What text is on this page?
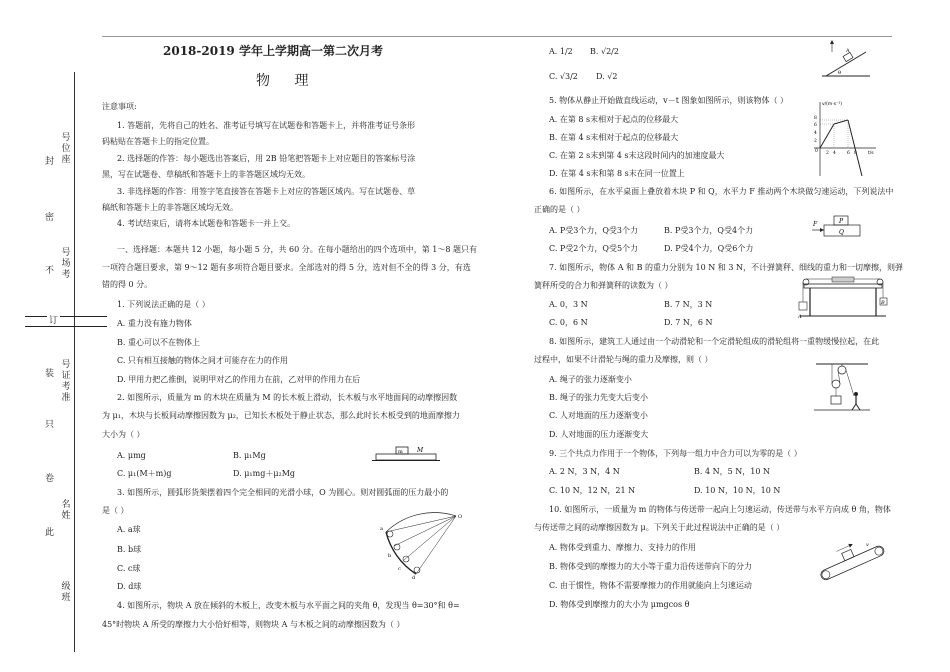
号 位 座
号 场 考
号 证 考 准
名 姓
级 班
封
密
不
订
装
只
卷
此
2018-2019 学年上学期高一第二次月考
物 理
注意事项:
1. 答题前，先将自己的姓名、准考证号填写在试题卷和答题卡上，并将准考证号条形
码粘贴在答题卡上的指定位置。
2. 选择题的作答：每小题选出答案后，用 2B 铅笔把答题卡上对应题目的答案标号涂
黑，写在试题卷、草稿纸和答题卡上的非答题区域均无效。
3. 非选择题的作答：用签字笔直接答在答题卡上对应的答题区域内。写在试题卷、草
稿纸和答题卡上的非答题区域均无效。
4. 考试结束后，请将本试题卷和答题卡一并上交。
一、选择题：本题共 12 小题，每小题 5 分，共 60 分。在每小题给出的四个选项中，第 1～8 题只有
一项符合题目要求，第 9～12 题有多项符合题目要求。全部选对的得 5 分，选对但不全的得 3 分，有选
错的得 0 分。
1. 下列说法正确的是（ ）
A. 重力没有施力物体
B. 重心可以不在物体上
C. 只有相互接触的物体之间才可能存在力的作用
D. 甲用力把乙推倒，说明甲对乙的作用力在前，乙对甲的作用力在后
2. 如图所示，质量为 m 的木块在质量为 M 的长木板上滑动，长木板与水平地面间的动摩擦因数
为 μ₁，木块与长板间动摩擦因数为 μ₂，已知长木板处于静止状态，那么此时长木板受到的地面摩擦力
大小为（ ）
A. μmg	B. μ₁Mg
C. μ₁(M＋m)g	D. μ₁mg＋μ₂Mg
m M
3. 如图所示，圆弧形货架摆着四个完全相同的光滑小球，O 为圆心。则对圆弧面的压力最小的
是（ ）
A. a球
B. b球
C. c球
D. d球
O
a
b
c
d
4. 如图所示，物块 A 放在倾斜的木板上，改变木板与水平面之间的夹角 θ，发现当 θ=30°和 θ=
45°时物块 A 所受的摩擦力大小恰好相等，则物块 A 与木板之间的动摩擦因数为（ ）
A. 1/2 B. √2/2
C. √3/2 D. √2	θ
A
5. 物体从静止开始做直线运动，v－t 图象如图所示，则该物体（ ）
A. 在第 8 s末相对于起点的位移最大
B. 在第 4 s末相对于起点的位移最大
C. 在第 2 s末到第 4 s末这段时间内的加速度最大
D. 在第 4 s末和第 8 s末在同一位置上
v/(m·s⁻¹)
t/s
8
6
4
2
0 2 4 6 8
6. 如图所示，在水平桌面上叠放着木块 P 和 Q，水平力 F 推动两个木块做匀速运动，下列说法中
正确的是（ ）
A. P受3个力，Q受3个力	B. P受3个力，Q受4个力
C. P受2个力，Q受5个力	D. P受4个力，Q受6个力
P
Q
F
7. 如图所示，物体 A 和 B 的重力分别为 10 N 和 3 N，不计弹簧秤、细线的重力和一切摩擦，则弹
簧秤所受的合力和弹簧秤的读数为（ ）
A. 0，3 N	B. 7 N，3 N
C. 0，6 N	D. 7 N，6 N
A
B
8. 如图所示，建筑工人通过由一个动滑轮和一个定滑轮组成的滑轮组将一重物缓慢拉起，在此
过程中，如果不计滑轮与绳的重力及摩擦，则（ ）
A. 绳子的张力逐渐变小
B. 绳子的张力先变大后变小
C. 人对地面的压力逐渐变小
D. 人对地面的压力逐渐变大
9. 三个共点力作用于一个物体，下列每一组力中合力可以为零的是（ ）
A. 2 N，3 N，4 N	B. 4 N，5 N，10 N
C. 10 N，12 N，21 N	D. 10 N，10 N，10 N
10. 如图所示，一质量为 m 的物体与传送带一起向上匀速运动，传送带与水平方向成 θ 角，物体
与传送带之间的动摩擦因数为 μ。下列关于此过程说法中正确的是（ ）
A. 物体受到重力、摩擦力、支持力的作用
B. 物体受到的摩擦力的大小等于重力沿传送带向下的分力
C. 由于惯性，物体不需要摩擦力的作用就能向上匀速运动
D. 物体受到摩擦力的大小为 μmgcos θ
v
